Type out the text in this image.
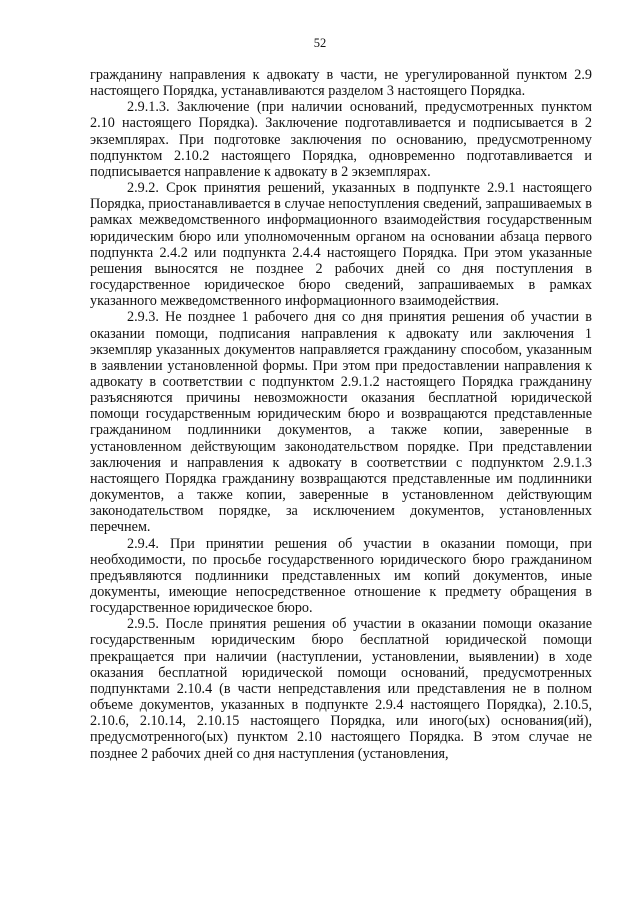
52

гражданину направления к адвокату в части, не урегулированной пунктом 2.9 настоящего Порядка, устанавливаются разделом 3 настоящего Порядка.

2.9.1.3. Заключение (при наличии оснований, предусмотренных пунктом 2.10 настоящего Порядка). Заключение подготавливается и подписывается в 2 экземплярах. При подготовке заключения по основанию, предусмотренному подпунктом 2.10.2 настоящего Порядка, одновременно подготавливается и подписывается направление к адвокату в 2 экземплярах.

2.9.2. Срок принятия решений, указанных в подпункте 2.9.1 настоящего Порядка, приостанавливается в случае непоступления сведений, запрашиваемых в рамках межведомственного информационного взаимодействия государственным юридическим бюро или уполномоченным органом на основании абзаца первого подпункта 2.4.2 или подпункта 2.4.4 настоящего Порядка. При этом указанные решения выносятся не позднее 2 рабочих дней со дня поступления в государственное юридическое бюро сведений, запрашиваемых в рамках указанного межведомственного информационного взаимодействия.

2.9.3. Не позднее 1 рабочего дня со дня принятия решения об участии в оказании помощи, подписания направления к адвокату или заключения 1 экземпляр указанных документов направляется гражданину способом, указанным в заявлении установленной формы. При этом при предоставлении направления к адвокату в соответствии с подпунктом 2.9.1.2 настоящего Порядка гражданину разъясняются причины невозможности оказания бесплатной юридической помощи государственным юридическим бюро и возвращаются представленные гражданином подлинники документов, а также копии, заверенные в установленном действующим законодательством порядке. При представлении заключения и направления к адвокату в соответствии с подпунктом 2.9.1.3 настоящего Порядка гражданину возвращаются представленные им подлинники документов, а также копии, заверенные в установленном действующим законодательством порядке, за исключением документов, установленных перечнем.

2.9.4. При принятии решения об участии в оказании помощи, при необходимости, по просьбе государственного юридического бюро гражданином предъявляются подлинники представленных им копий документов, иные документы, имеющие непосредственное отношение к предмету обращения в государственное юридическое бюро.

2.9.5. После принятия решения об участии в оказании помощи оказание государственным юридическим бюро бесплатной юридической помощи прекращается при наличии (наступлении, установлении, выявлении) в ходе оказания бесплатной юридической помощи оснований, предусмотренных подпунктами 2.10.4 (в части непредставления или представления не в полном объеме документов, указанных в подпункте 2.9.4 настоящего Порядка), 2.10.5, 2.10.6, 2.10.14, 2.10.15 настоящего Порядка, или иного(ых) основания(ий), предусмотренного(ых) пунктом 2.10 настоящего Порядка. В этом случае не позднее 2 рабочих дней со дня наступления (установления,
